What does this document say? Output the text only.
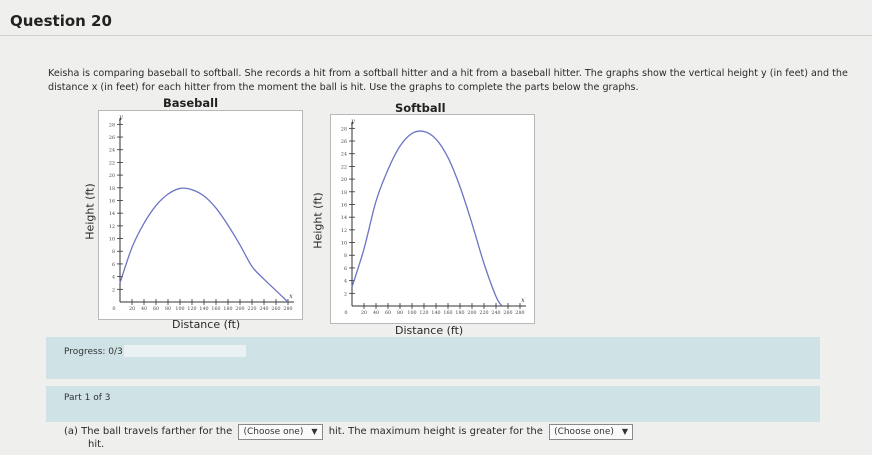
Question 20
Keisha is comparing baseball to softball. She records a hit from a softball hitter and a hit from a baseball hitter. The graphs show the vertical height y (in feet) and the distance x (in feet) for each hitter from the moment the ball is hit. Use the graphs to complete the parts below the graphs.
Baseball
2
4
6
8
10
12
14
16
18
20
22
24
26
28
20 40 60 80 100 120 140 160 180 200 220 240 260 280
0
y
x
Distance (ft)
Height (ft)
Softball
2
4
6
8
10
12
14
16
18
20
22
24
26
28
20 40 60 80 100 120 140 160 180 200 220 240 260 280
0
y
x
Distance (ft)
Height (ft)
Progress: 0/3
Part 1 of 3
(a) The ball travels farther for the (Choose one) ▼ hit. The maximum height is greater for the (Choose one) ▼
hit.
